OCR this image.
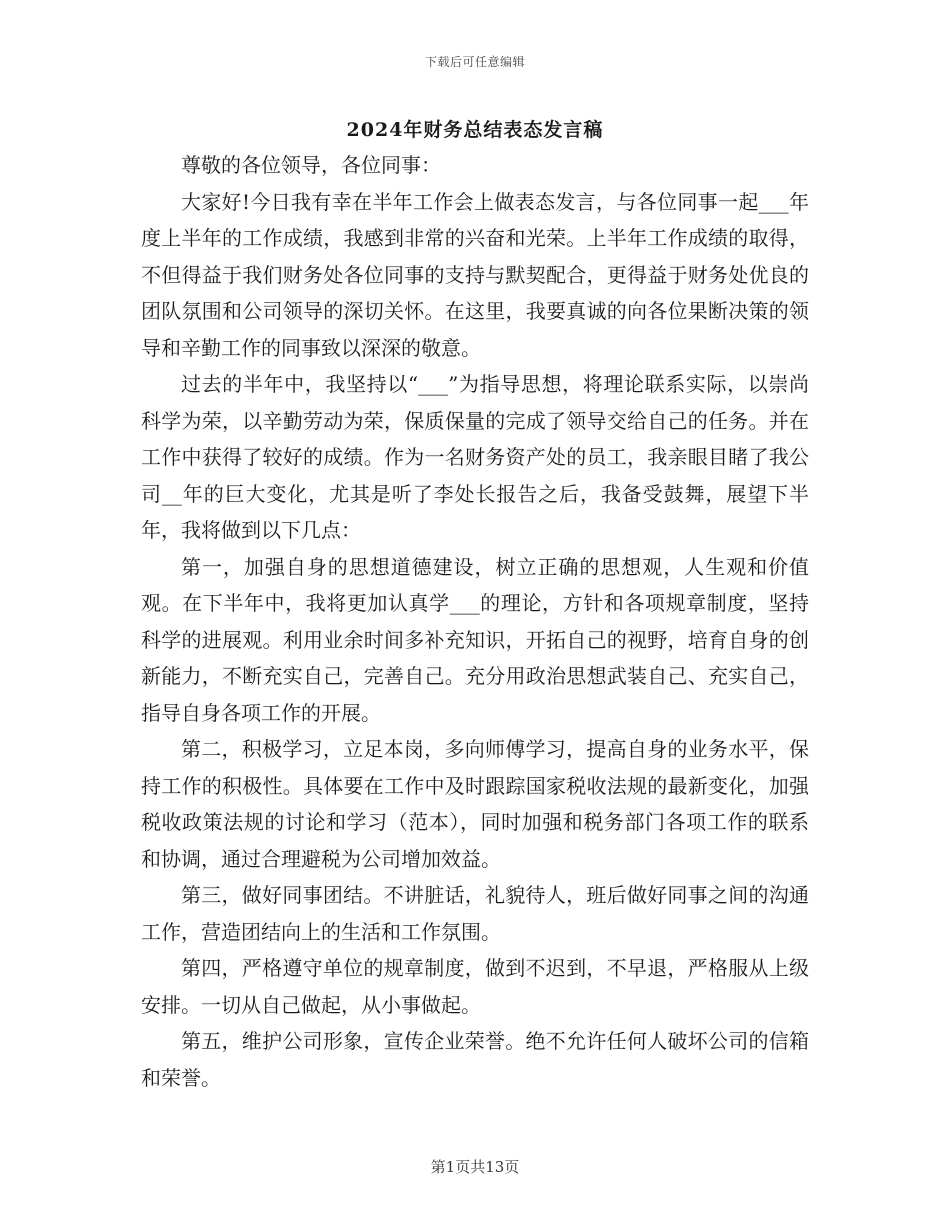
下载后可任意编辑
2024年财务总结表态发言稿

尊敬的各位领导，各位同事：

大家好!今日我有幸在半年工作会上做表态发言，与各位同事一起___年度上半年的工作成绩，我感到非常的兴奋和光荣。上半年工作成绩的取得，不但得益于我们财务处各位同事的支持与默契配合，更得益于财务处优良的团队氛围和公司领导的深切关怀。在这里，我要真诚的向各位果断决策的领导和辛勤工作的同事致以深深的敬意。

过去的半年中，我坚持以“___”为指导思想，将理论联系实际，以崇尚科学为荣，以辛勤劳动为荣，保质保量的完成了领导交给自己的任务。并在工作中获得了较好的成绩。作为一名财务资产处的员工，我亲眼目睹了我公司__年的巨大变化，尤其是听了李处长报告之后，我备受鼓舞，展望下半年，我将做到以下几点：

第一，加强自身的思想道德建设，树立正确的思想观，人生观和价值观。在下半年中，我将更加认真学___的理论，方针和各项规章制度，坚持科学的进展观。利用业余时间多补充知识，开拓自己的视野，培育自身的创新能力，不断充实自己，完善自己。充分用政治思想武装自己、充实自己，指导自身各项工作的开展。

第二，积极学习，立足本岗，多向师傅学习，提高自身的业务水平，保持工作的积极性。具体要在工作中及时跟踪国家税收法规的最新变化，加强税收政策法规的讨论和学习（范本），同时加强和税务部门各项工作的联系和协调，通过合理避税为公司增加效益。

第三，做好同事团结。不讲脏话，礼貌待人，班后做好同事之间的沟通工作，营造团结向上的生活和工作氛围。

第四，严格遵守单位的规章制度，做到不迟到，不早退，严格服从上级安排。一切从自己做起，从小事做起。

第五，维护公司形象，宣传企业荣誉。绝不允许任何人破坏公司的信箱和荣誉。

第1页共13页
